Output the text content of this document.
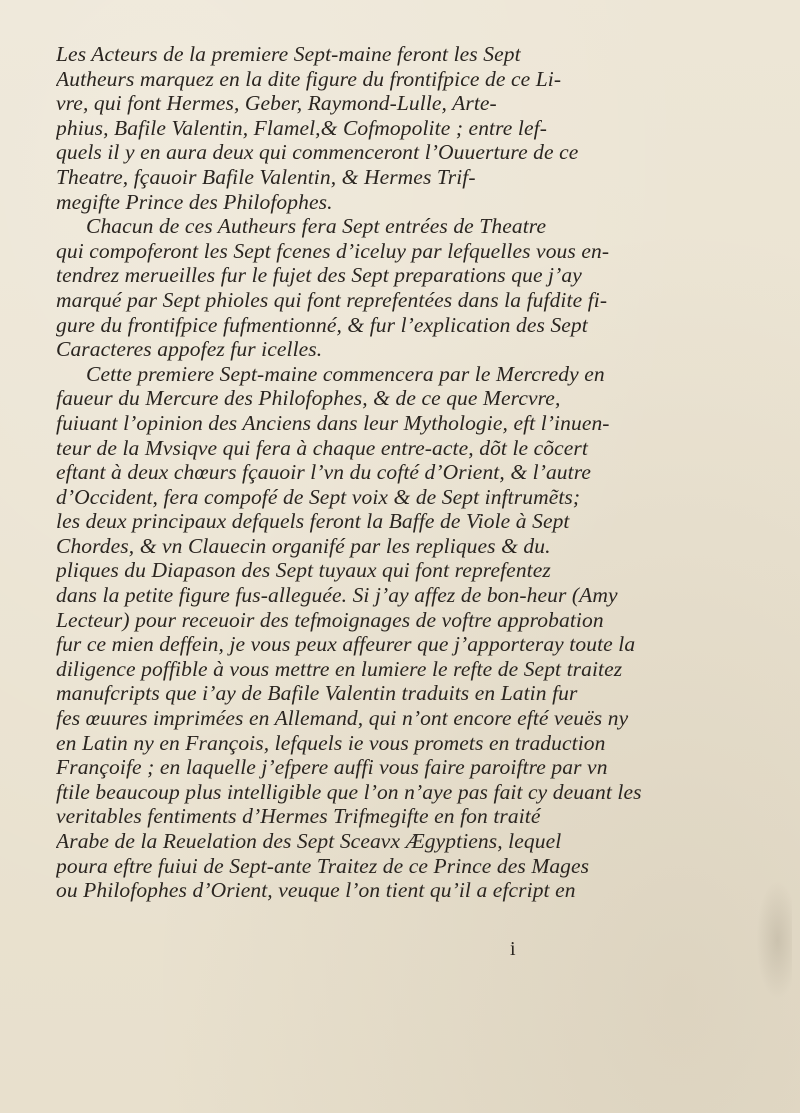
Les Acteurs de la premiere Sept-maine feront les Sept
Autheurs marquez en la dite figure du frontifpice de ce Li-
vre, qui font Hermes, Geber, Raymond-Lulle, Arte-
phius, Bafile Valentin, Flamel,& Cofmopolite ; entre lef-
quels il y en aura deux qui commenceront l’Ouuerture de ce
Theatre, fçauoir Bafile Valentin, & Hermes Trif-
megifte Prince des Philofophes.
Chacun de ces Autheurs fera Sept entrées de Theatre
qui compoferont les Sept fcenes d’iceluy par lefquelles vous en-
tendrez merueilles fur le fujet des Sept preparations que j’ay
marqué par Sept phioles qui font reprefentées dans la fufdite fi-
gure du frontifpice fufmentionné, & fur l’explication des Sept
Caracteres appofez fur icelles.
Cette premiere Sept-maine commencera par le Mercredy en
faueur du Mercure des Philofophes, & de ce que Mercvre,
fuiuant l’opinion des Anciens dans leur Mythologie, eft l’inuen-
teur de la Mvsiqve qui fera à chaque entre-acte, dõt le cõcert
eftant à deux chœurs fçauoir l’vn du cofté d’Orient, & l’autre
d’Occident, fera compofé de Sept voix & de Sept inftrumẽts;
les deux principaux defquels feront la Baffe de Viole à Sept
Chordes, & vn Clauecin organifé par les repliques & du.
pliques du Diapason des Sept tuyaux qui font reprefentez
dans la petite figure fus-alleguée. Si j’ay affez de bon-heur (Amy
Lecteur) pour receuoir des tefmoignages de voftre approbation
fur ce mien deffein, je vous peux affeurer que j’apporteray toute la
diligence poffible à vous mettre en lumiere le refte de Sept traitez
manufcripts que i’ay de Bafile Valentin traduits en Latin fur
fes œuures imprimées en Allemand, qui n’ont encore efté veuës ny
en Latin ny en François, lefquels ie vous promets en traduction
Françoife ; en laquelle j’efpere auffi vous faire paroiftre par vn
ftile beaucoup plus intelligible que l’on n’aye pas fait cy deuant les
veritables fentiments d’Hermes Trifmegifte en fon traité
Arabe de la Reuelation des Sept Sceavx Ægyptiens, lequel
poura eftre fuiui de Sept-ante Traitez de ce Prince des Mages
ou Philofophes d’Orient, veuque l’on tient qu’il a efcript en
i
